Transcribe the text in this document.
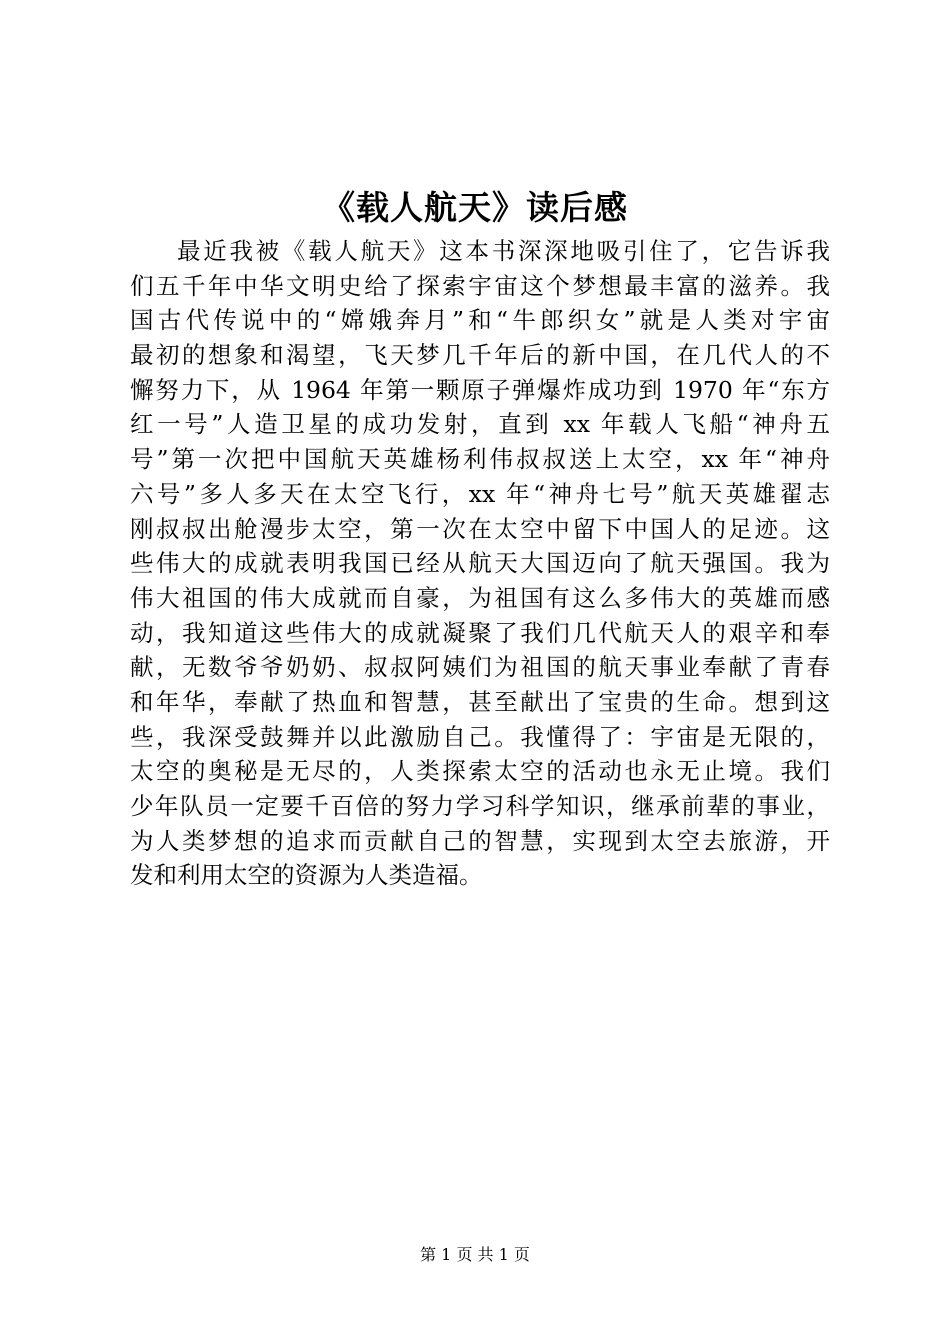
《载人航天》读后感
最近我被《载人航天》这本书深深地吸引住了，它告诉我
们五千年中华文明史给了探索宇宙这个梦想最丰富的滋养。我
国古代传说中的“嫦娥奔月”和“牛郎织女”就是人类对宇宙
最初的想象和渴望，飞天梦几千年后的新中国，在几代人的不
懈努力下，从 1964 年第一颗原子弹爆炸成功到 1970 年“东方
红一号”人造卫星的成功发射，直到 xx 年载人飞船“神舟五
号”第一次把中国航天英雄杨利伟叔叔送上太空，xx 年“神舟
六号”多人多天在太空飞行，xx 年“神舟七号”航天英雄翟志
刚叔叔出舱漫步太空，第一次在太空中留下中国人的足迹。这
些伟大的成就表明我国已经从航天大国迈向了航天强国。我为
伟大祖国的伟大成就而自豪，为祖国有这么多伟大的英雄而感
动，我知道这些伟大的成就凝聚了我们几代航天人的艰辛和奉
献，无数爷爷奶奶、叔叔阿姨们为祖国的航天事业奉献了青春
和年华，奉献了热血和智慧，甚至献出了宝贵的生命。想到这
些，我深受鼓舞并以此激励自己。我懂得了：宇宙是无限的，
太空的奥秘是无尽的，人类探索太空的活动也永无止境。我们
少年队员一定要千百倍的努力学习科学知识，继承前辈的事业，
为人类梦想的追求而贡献自己的智慧，实现到太空去旅游，开
发和利用太空的资源为人类造福。
第 1 页 共 1 页
